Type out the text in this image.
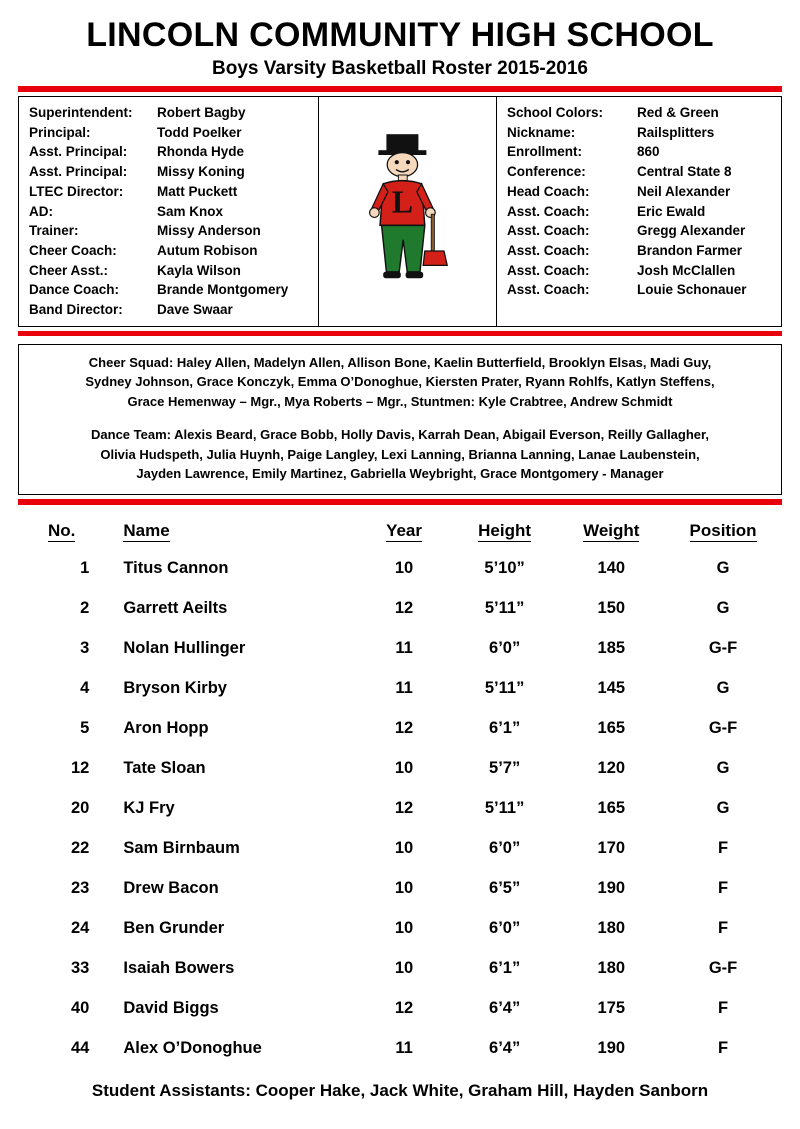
LINCOLN COMMUNITY HIGH SCHOOL
Boys Varsity Basketball Roster 2015-2016
Superintendent:	Robert Bagby
Principal:	Todd Poelker
Asst. Principal:	Rhonda Hyde
Asst. Principal:	Missy Koning
LTEC Director:	Matt Puckett
AD:	Sam Knox
Trainer:	Missy Anderson
Cheer Coach:	Autum Robison
Cheer Asst.:	Kayla Wilson
Dance Coach:	Brande Montgomery
Band Director:	Dave Swaar
L
School Colors:	Red & Green
Nickname:	Railsplitters
Enrollment:	860
Conference:	Central State 8
Head Coach:	Neil Alexander
Asst. Coach:	Eric Ewald
Asst. Coach:	Gregg Alexander
Asst. Coach:	Brandon Farmer
Asst. Coach:	Josh McClallen
Asst. Coach:	Louie Schonauer
Cheer Squad: Haley Allen, Madelyn Allen, Allison Bone, Kaelin Butterfield, Brooklyn Elsas, Madi Guy,
Sydney Johnson, Grace Konczyk, Emma O’Donoghue, Kiersten Prater, Ryann Rohlfs, Katlyn Steffens,
Grace Hemenway – Mgr., Mya Roberts – Mgr., Stuntmen: Kyle Crabtree, Andrew Schmidt
Dance Team: Alexis Beard, Grace Bobb, Holly Davis, Karrah Dean, Abigail Everson, Reilly Gallagher,
Olivia Hudspeth, Julia Huynh, Paige Langley, Lexi Lanning, Brianna Lanning, Lanae Laubenstein,
Jayden Lawrence, Emily Martinez, Gabriella Weybright, Grace Montgomery - Manager
No.	Name	Year	Height	Weight	Position
1	Titus Cannon	10	5’10”	140	G
2	Garrett Aeilts	12	5’11”	150	G
3	Nolan Hullinger	11	6’0”	185	G-F
4	Bryson Kirby	11	5’11”	145	G
5	Aron Hopp	12	6’1”	165	G-F
12	Tate Sloan	10	5’7”	120	G
20	KJ Fry	12	5’11”	165	G
22	Sam Birnbaum	10	6’0”	170	F
23	Drew Bacon	10	6’5”	190	F
24	Ben Grunder	10	6’0”	180	F
33	Isaiah Bowers	10	6’1”	180	G-F
40	David Biggs	12	6’4”	175	F
44	Alex O’Donoghue	11	6’4”	190	F
Student Assistants: Cooper Hake, Jack White, Graham Hill, Hayden Sanborn
